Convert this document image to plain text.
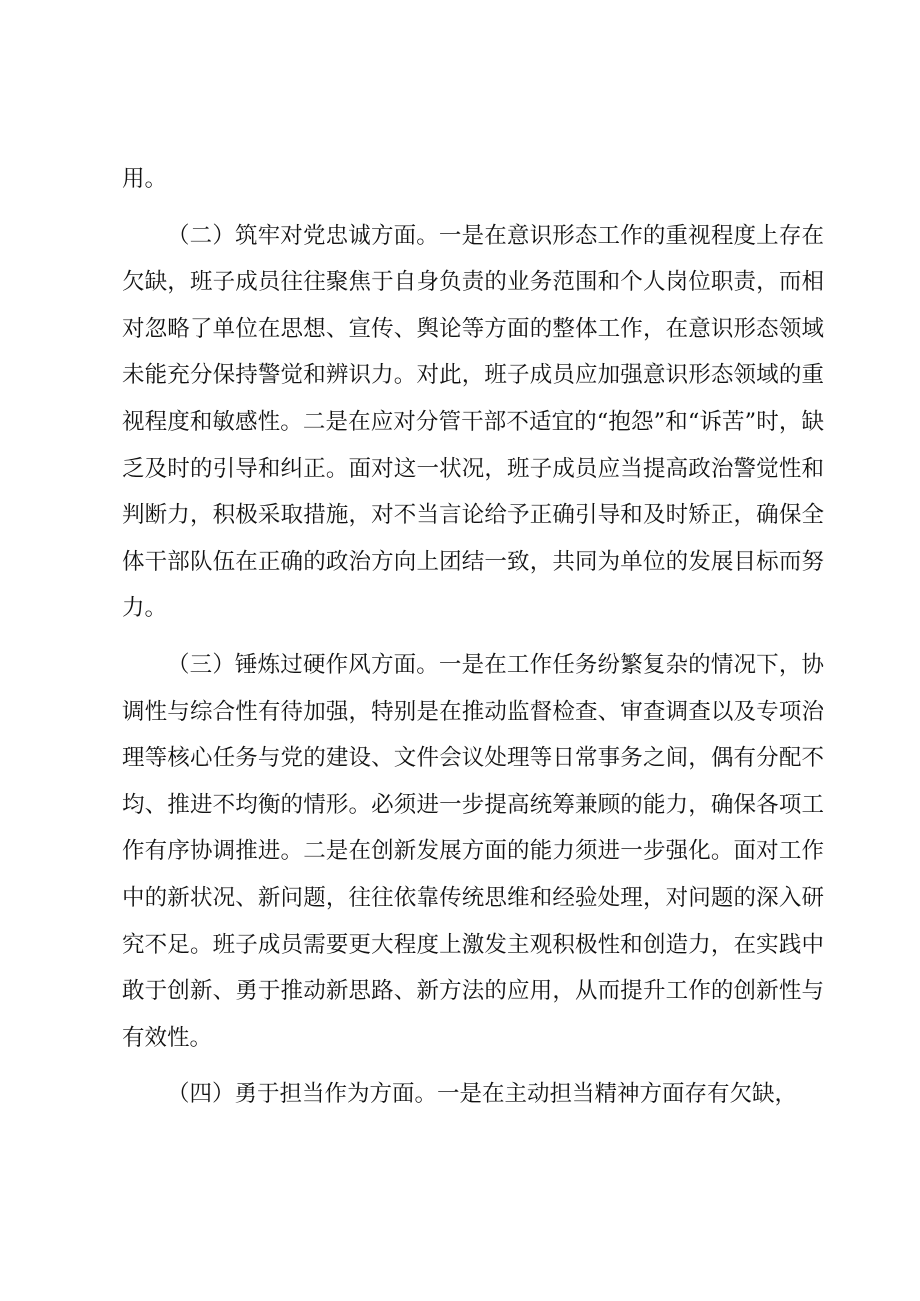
用。

（二）筑牢对党忠诚方面。一是在意识形态工作的重视程度上存在欠缺，班子成员往往聚焦于自身负责的业务范围和个人岗位职责，而相对忽略了单位在思想、宣传、舆论等方面的整体工作，在意识形态领域未能充分保持警觉和辨识力。对此，班子成员应加强意识形态领域的重视程度和敏感性。二是在应对分管干部不适宜的“抱怨”和“诉苦”时，缺乏及时的引导和纠正。面对这一状况，班子成员应当提高政治警觉性和判断力，积极采取措施，对不当言论给予正确引导和及时矫正，确保全体干部队伍在正确的政治方向上团结一致，共同为单位的发展目标而努力。

（三）锤炼过硬作风方面。一是在工作任务纷繁复杂的情况下，协调性与综合性有待加强，特别是在推动监督检查、审查调查以及专项治理等核心任务与党的建设、文件会议处理等日常事务之间，偶有分配不均、推进不均衡的情形。必须进一步提高统筹兼顾的能力，确保各项工作有序协调推进。二是在创新发展方面的能力须进一步强化。面对工作中的新状况、新问题，往往依靠传统思维和经验处理，对问题的深入研究不足。班子成员需要更大程度上激发主观积极性和创造力，在实践中敢于创新、勇于推动新思路、新方法的应用，从而提升工作的创新性与有效性。

（四）勇于担当作为方面。一是在主动担当精神方面存有欠缺，
